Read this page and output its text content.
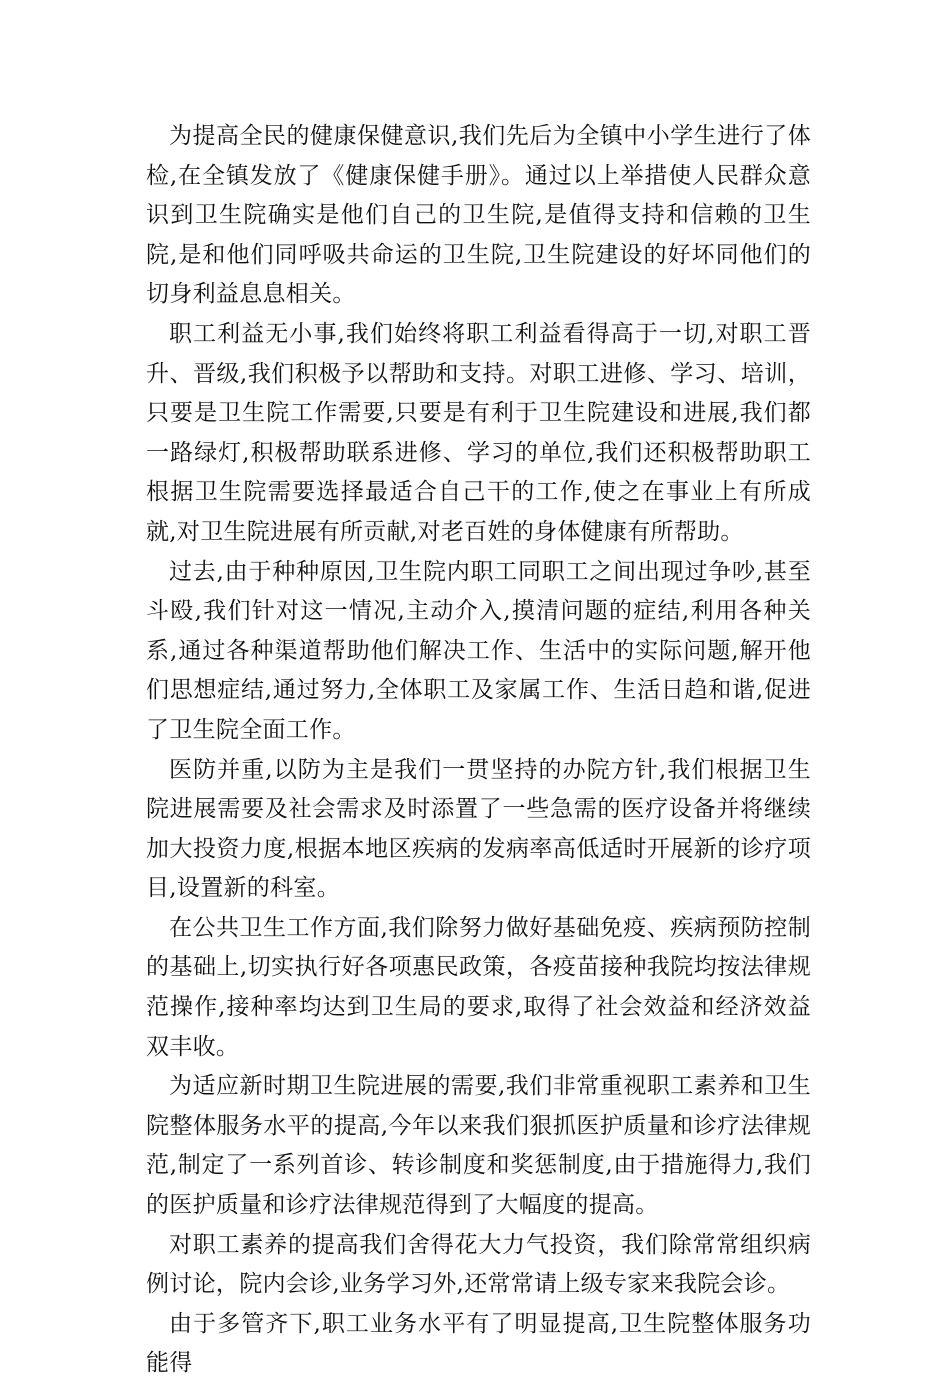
为提高全民的健康保健意识,我们先后为全镇中小学生进行了体检,在全镇发放了《健康保健手册》。通过以上举措使人民群众意识到卫生院确实是他们自己的卫生院,是值得支持和信赖的卫生院,是和他们同呼吸共命运的卫生院,卫生院建设的好坏同他们的切身利益息息相关。

职工利益无小事,我们始终将职工利益看得高于一切,对职工晋升、晋级,我们积极予以帮助和支持。对职工进修、学习、培训，只要是卫生院工作需要,只要是有利于卫生院建设和进展,我们都一路绿灯,积极帮助联系进修、学习的单位,我们还积极帮助职工根据卫生院需要选择最适合自己干的工作,使之在事业上有所成就,对卫生院进展有所贡献,对老百姓的身体健康有所帮助。

过去,由于种种原因,卫生院内职工同职工之间出现过争吵,甚至斗殴,我们针对这一情况,主动介入,摸清问题的症结,利用各种关系,通过各种渠道帮助他们解决工作、生活中的实际问题,解开他们思想症结,通过努力,全体职工及家属工作、生活日趋和谐,促进了卫生院全面工作。

医防并重,以防为主是我们一贯坚持的办院方针,我们根据卫生院进展需要及社会需求及时添置了一些急需的医疗设备并将继续加大投资力度,根据本地区疾病的发病率高低适时开展新的诊疗项目,设置新的科室。

在公共卫生工作方面,我们除努力做好基础免疫、疾病预防控制的基础上,切实执行好各项惠民政策，各疫苗接种我院均按法律规范操作,接种率均达到卫生局的要求,取得了社会效益和经济效益双丰收。

为适应新时期卫生院进展的需要,我们非常重视职工素养和卫生院整体服务水平的提高,今年以来我们狠抓医护质量和诊疗法律规范,制定了一系列首诊、转诊制度和奖惩制度,由于措施得力,我们的医护质量和诊疗法律规范得到了大幅度的提高。

对职工素养的提高我们舍得花大力气投资，我们除常常组织病例讨论，院内会诊,业务学习外,还常常请上级专家来我院会诊。

由于多管齐下,职工业务水平有了明显提高,卫生院整体服务功能得
